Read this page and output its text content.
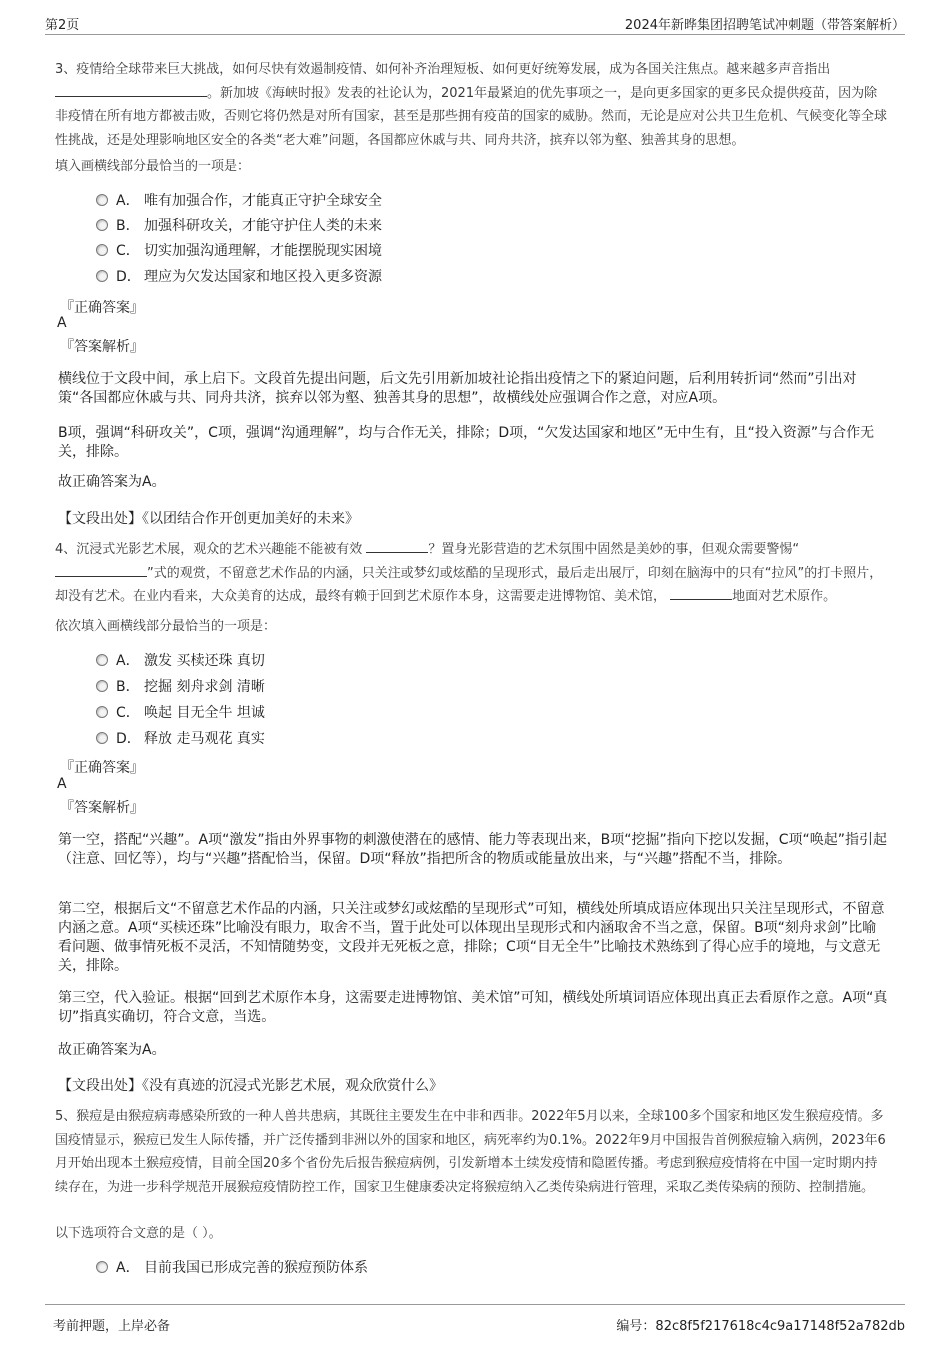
第2页	2024年新晔集团招聘笔试冲刺题（带答案解析）
3、疫情给全球带来巨大挑战，如何尽快有效遏制疫情、如何补齐治理短板、如何更好统筹发展，成为各国关注焦点。越来越多声音指出 。新加坡《海峡时报》发表的社论认为，2021年最紧迫的优先事项之一，是向更多国家的更多民众提供疫苗，因为除非疫情在所有地方都被击败，否则它将仍然是对所有国家，甚至是那些拥有疫苗的国家的威胁。然而，无论是应对公共卫生危机、气候变化等全球性挑战，还是处理影响地区安全的各类“老大难”问题，各国都应休戚与共、同舟共济，摈弃以邻为壑、独善其身的思想。
填入画横线部分最恰当的一项是：
A． 唯有加强合作，才能真正守护全球安全
B． 加强科研攻关，才能守护住人类的未来
C． 切实加强沟通理解，才能摆脱现实困境
D． 理应为欠发达国家和地区投入更多资源
『正确答案』
A
『答案解析』
横线位于文段中间，承上启下。文段首先提出问题，后文先引用新加坡社论指出疫情之下的紧迫问题，后利用转折词“然而”引出对策“各国都应休戚与共、同舟共济，摈弃以邻为壑、独善其身的思想”，故横线处应强调合作之意，对应A项。
B项，强调“科研攻关”，C项，强调“沟通理解”，均与合作无关，排除；D项，“欠发达国家和地区”无中生有，且“投入资源”与合作无关，排除。
故正确答案为A。
【文段出处】《以团结合作开创更加美好的未来》
4、沉浸式光影艺术展，观众的艺术兴趣能不能被有效	？置身光影营造的艺术氛围中固然是美妙的事，但观众需要警惕“ ”式的观赏，不留意艺术作品的内涵，只关注或梦幻或炫酷的呈现形式，最后走出展厅，印刻在脑海中的只有“拉风”的打卡照片，却没有艺术。在业内看来，大众美育的达成，最终有赖于回到艺术原作本身，这需要走进博物馆、美术馆，	地面对艺术原作。
依次填入画横线部分最恰当的一项是：
A． 激发 买椟还珠 真切
B． 挖掘 刻舟求剑 清晰
C． 唤起 目无全牛 坦诚
D． 释放 走马观花 真实
『正确答案』
A
『答案解析』
第一空，搭配“兴趣”。A项“激发”指由外界事物的刺激使潜在的感情、能力等表现出来，B项“挖掘”指向下挖以发掘，C项“唤起”指引起（注意、回忆等），均与“兴趣”搭配恰当，保留。D项“释放”指把所含的物质或能量放出来，与“兴趣”搭配不当，排除。
第二空，根据后文“不留意艺术作品的内涵，只关注或梦幻或炫酷的呈现形式”可知，横线处所填成语应体现出只关注呈现形式，不留意内涵之意。A项“买椟还珠”比喻没有眼力，取舍不当，置于此处可以体现出呈现形式和内涵取舍不当之意，保留。B项“刻舟求剑”比喻看问题、做事情死板不灵活，不知情随势变，文段并无死板之意，排除；C项“目无全牛”比喻技术熟练到了得心应手的境地，与文意无关，排除。
第三空，代入验证。根据“回到艺术原作本身，这需要走进博物馆、美术馆”可知，横线处所填词语应体现出真正去看原作之意。A项“真切”指真实确切，符合文意，当选。
故正确答案为A。
【文段出处】《没有真迹的沉浸式光影艺术展，观众欣赏什么》
5、猴痘是由猴痘病毒感染所致的一种人兽共患病，其既往主要发生在中非和西非。2022年5月以来，全球100多个国家和地区发生猴痘疫情。多国疫情显示，猴痘已发生人际传播，并广泛传播到非洲以外的国家和地区，病死率约为0.1%。2022年9月中国报告首例猴痘输入病例，2023年6月开始出现本土猴痘疫情，目前全国20多个省份先后报告猴痘病例，引发新增本土续发疫情和隐匿传播。考虑到猴痘疫情将在中国一定时期内持续存在，为进一步科学规范开展猴痘疫情防控工作，国家卫生健康委决定将猴痘纳入乙类传染病进行管理，采取乙类传染病的预防、控制措施。
以下选项符合文意的是（ ）。
A． 目前我国已形成完善的猴痘预防体系
考前押题，上岸必备	编号：82c8f5f217618c4c9a17148f52a782db
